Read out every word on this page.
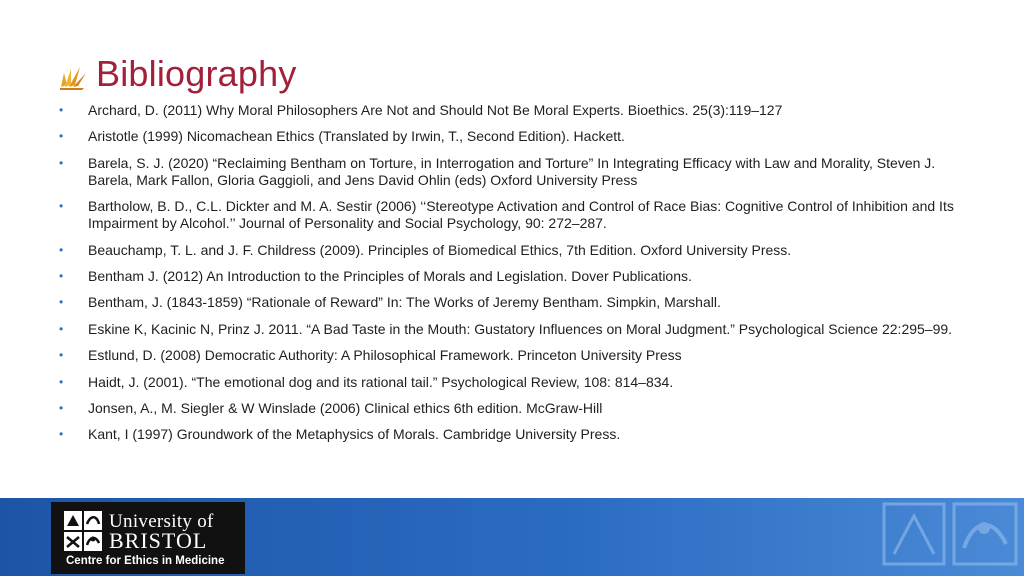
Bibliography
• Archard, D. (2011) Why Moral Philosophers Are Not and Should Not Be Moral Experts. Bioethics. 25(3):119–127
• Aristotle (1999) Nicomachean Ethics (Translated by Irwin, T., Second Edition). Hackett.
• Barela, S. J. (2020) “Reclaiming Bentham on Torture, in Interrogation and Torture” In Integrating Efficacy with Law and Morality, Steven J. Barela, Mark Fallon, Gloria Gaggioli, and Jens David Ohlin (eds) Oxford University Press
• Bartholow, B. D., C.L. Dickter and M. A. Sestir (2006) ‘‘Stereotype Activation and Control of Race Bias: Cognitive Control of Inhibition and Its Impairment by Alcohol.’’ Journal of Personality and Social Psychology, 90: 272–287.
• Beauchamp, T. L. and J. F. Childress (2009). Principles of Biomedical Ethics, 7th Edition. Oxford University Press.
• Bentham J. (2012) An Introduction to the Principles of Morals and Legislation. Dover Publications.
• Bentham, J. (1843-1859) “Rationale of Reward” In: The Works of Jeremy Bentham. Simpkin, Marshall.
• Eskine K, Kacinic N, Prinz J. 2011. “A Bad Taste in the Mouth: Gustatory Influences on Moral Judgment.” Psychological Science 22:295–99.
• Estlund, D. (2008) Democratic Authority: A Philosophical Framework. Princeton University Press
• Haidt, J. (2001). “The emotional dog and its rational tail.” Psychological Review, 108: 814–834.
• Jonsen, A., M. Siegler & W Winslade (2006) Clinical ethics 6th edition. McGraw-Hill
• Kant, I (1997) Groundwork of the Metaphysics of Morals. Cambridge University Press.
University of
BRISTOL
Centre for Ethics in Medicine
